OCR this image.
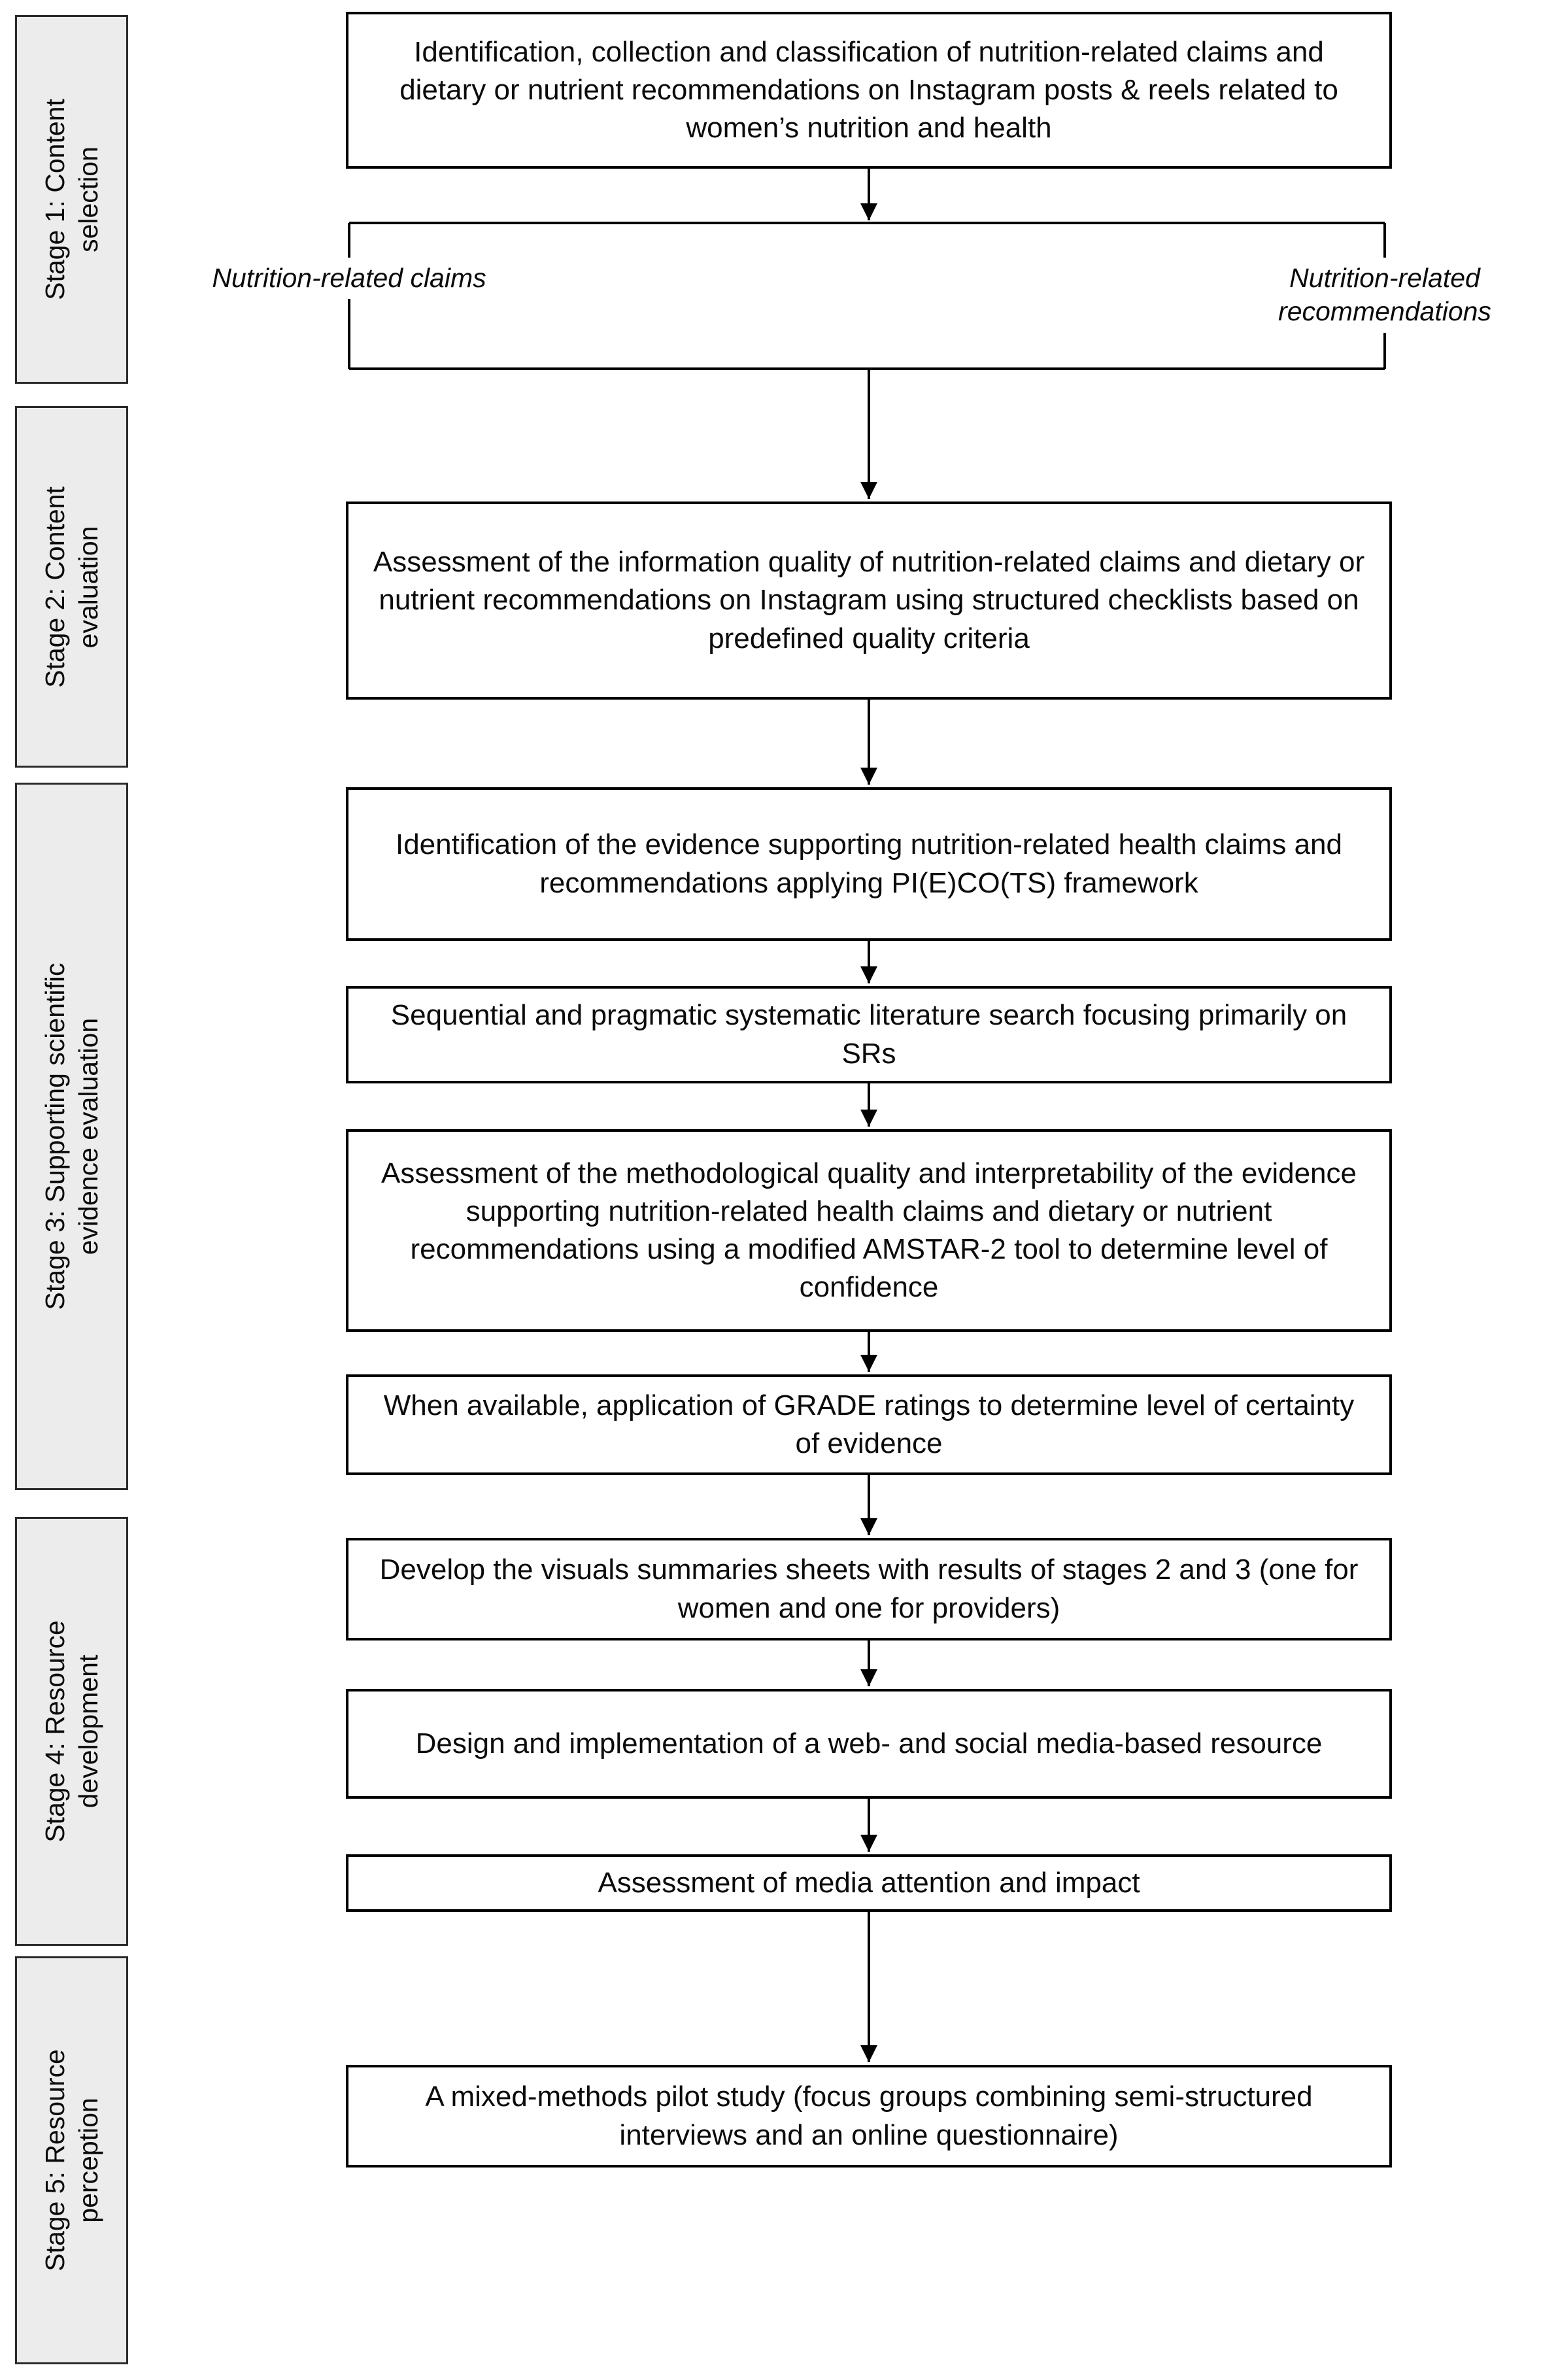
Stage 1: Content selection
Stage 2: Content evaluation
Stage 3: Supporting scientific evidence evaluation
Stage 4: Resource development
Stage 5: Resource perception
Identification, collection and classification of nutrition-related claims and dietary or nutrient recommendations on Instagram posts & reels related to women’s nutrition and health
Assessment of the information quality of nutrition-related claims and dietary or nutrient recommendations on Instagram using structured checklists based on predefined quality criteria
Identification of the evidence supporting nutrition-related health claims and recommendations applying PI(E)CO(TS) framework
Sequential and pragmatic systematic literature search focusing primarily on SRs
Assessment of the methodological quality and interpretability of the evidence supporting nutrition-related health claims and dietary or nutrient recommendations using a modified AMSTAR-2 tool to determine level of confidence
When available, application of GRADE ratings to determine level of certainty of evidence
Develop the visuals summaries sheets with results of stages 2 and 3 (one for women and one for providers)
Design and implementation of a web- and social media-based resource
Assessment of media attention and impact
A mixed-methods pilot study (focus groups combining semi-structured interviews and an online questionnaire)
Nutrition-related claims	Nutrition-related recommendations
